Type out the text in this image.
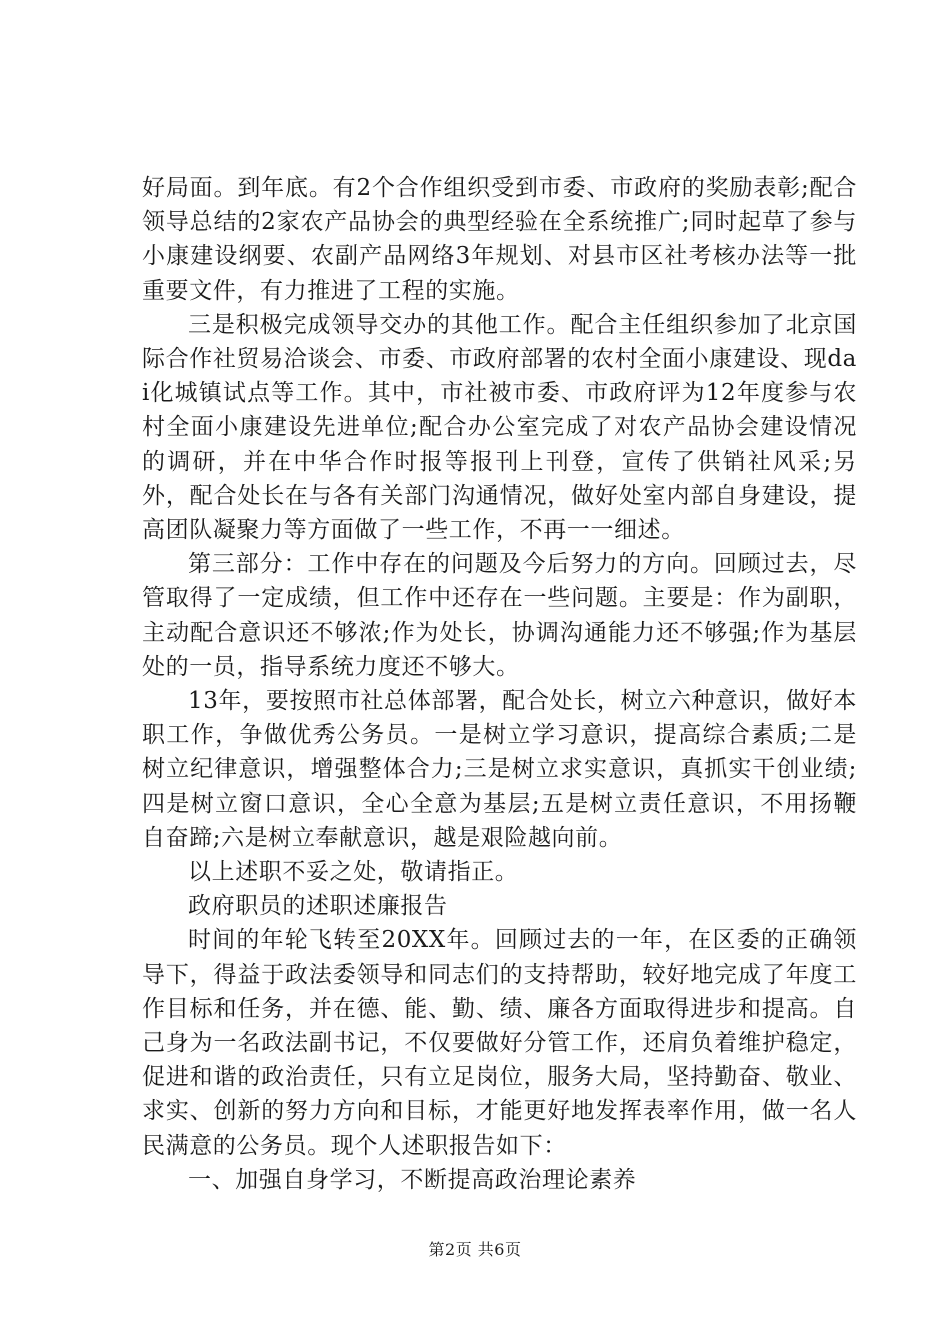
好局面。到年底。有2个合作组织受到市委、市政府的奖励表彰;配合领导总结的2家农产品协会的典型经验在全系统推广;同时起草了参与小康建设纲要、农副产品网络3年规划、对县市区社考核办法等一批重要文件，有力推进了工程的实施。

三是积极完成领导交办的其他工作。配合主任组织参加了北京国际合作社贸易洽谈会、市委、市政府部署的农村全面小康建设、现dai化城镇试点等工作。其中，市社被市委、市政府评为12年度参与农村全面小康建设先进单位;配合办公室完成了对农产品协会建设情况的调研，并在中华合作时报等报刊上刊登，宣传了供销社风采;另外，配合处长在与各有关部门沟通情况，做好处室内部自身建设，提高团队凝聚力等方面做了一些工作，不再一一细述。

第三部分：工作中存在的问题及今后努力的方向。回顾过去，尽管取得了一定成绩，但工作中还存在一些问题。主要是：作为副职，主动配合意识还不够浓;作为处长，协调沟通能力还不够强;作为基层处的一员，指导系统力度还不够大。

13年，要按照市社总体部署，配合处长，树立六种意识，做好本职工作，争做优秀公务员。一是树立学习意识，提高综合素质;二是树立纪律意识，增强整体合力;三是树立求实意识，真抓实干创业绩;四是树立窗口意识，全心全意为基层;五是树立责任意识，不用扬鞭自奋蹄;六是树立奉献意识，越是艰险越向前。

以上述职不妥之处，敬请指正。

政府职员的述职述廉报告

时间的年轮飞转至20XX年。回顾过去的一年，在区委的正确领导下，得益于政法委领导和同志们的支持帮助，较好地完成了年度工作目标和任务，并在德、能、勤、绩、廉各方面取得进步和提高。自己身为一名政法副书记，不仅要做好分管工作，还肩负着维护稳定，促进和谐的政治责任，只有立足岗位，服务大局，坚持勤奋、敬业、求实、创新的努力方向和目标，才能更好地发挥表率作用，做一名人民满意的公务员。现个人述职报告如下：

一、加强自身学习，不断提高政治理论素养

第2页 共6页
